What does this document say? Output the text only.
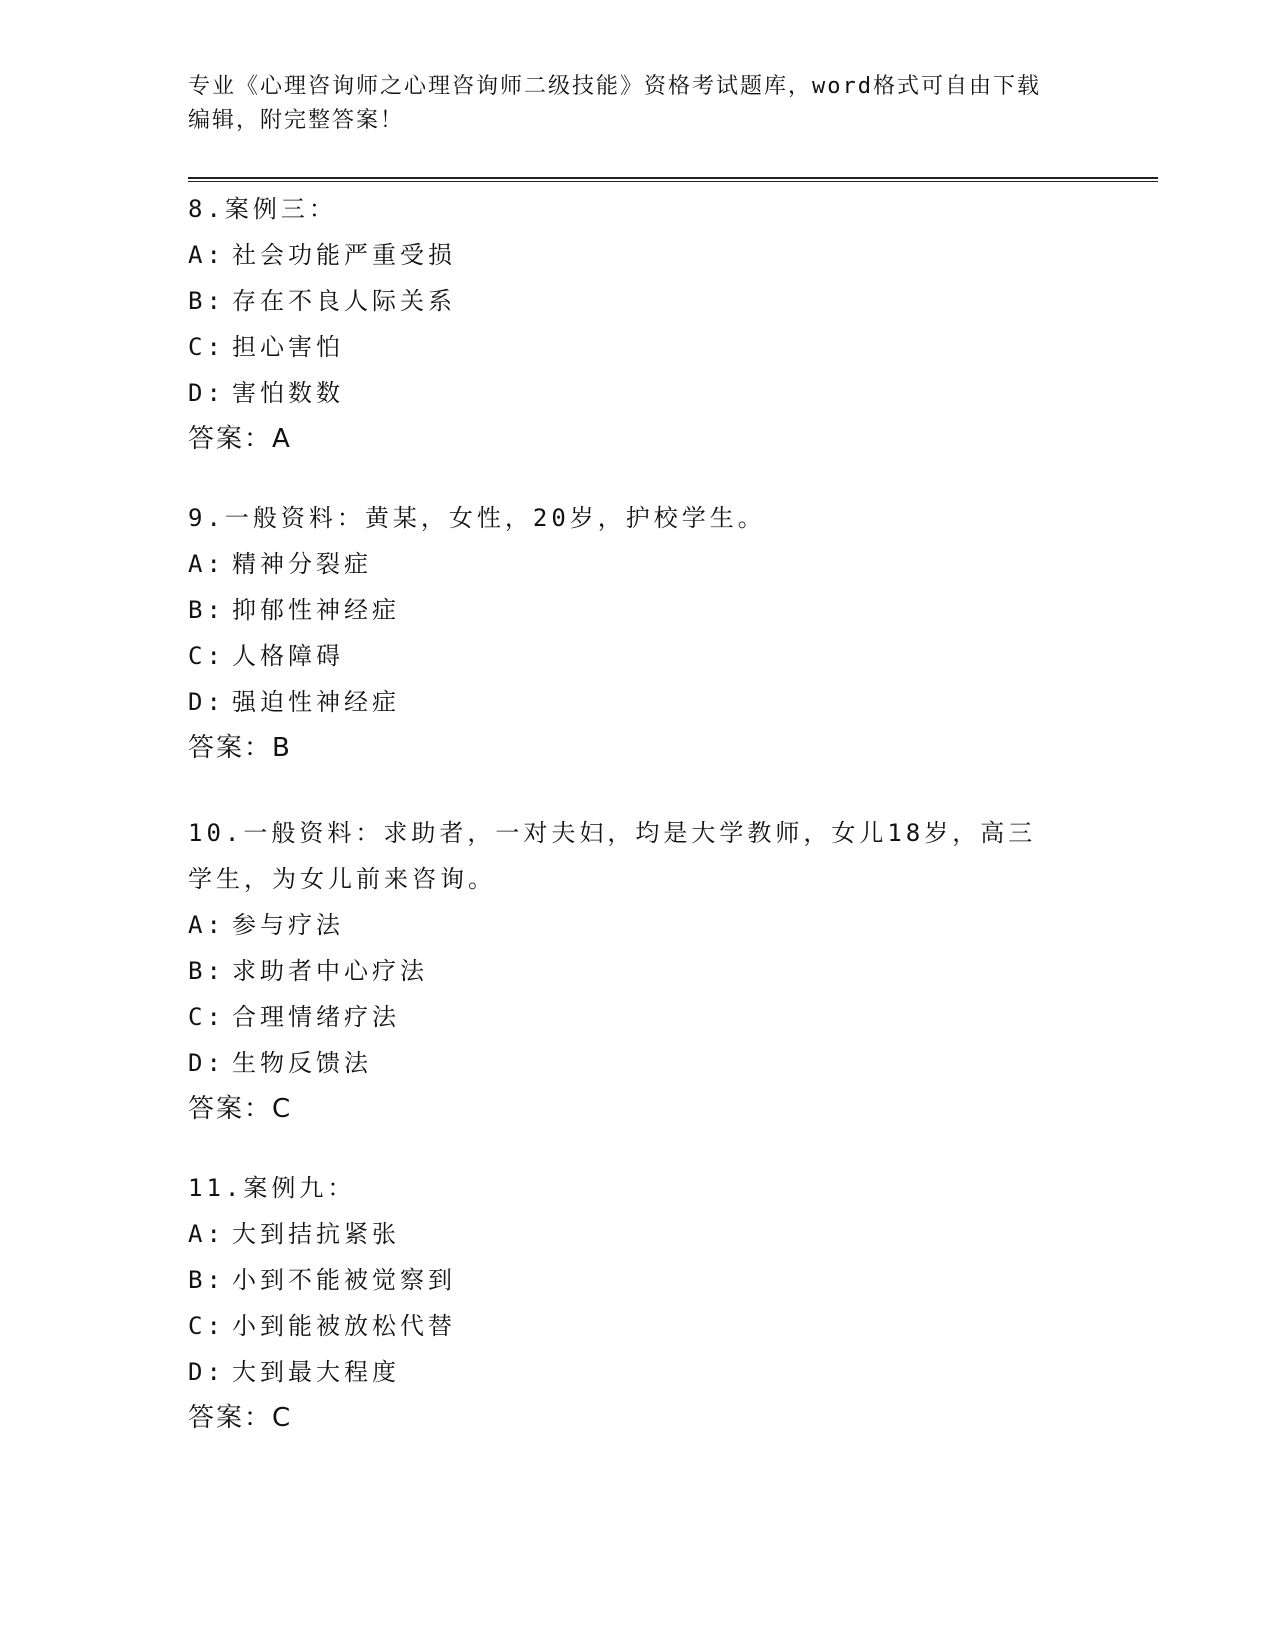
专业《心理咨询师之心理咨询师二级技能》资格考试题库，word格式可自由下载
编辑，附完整答案！
8.案例三：
A: 社会功能严重受损
B: 存在不良人际关系
C: 担心害怕
D: 害怕数数
答案：A
9.一般资料：黄某，女性，20岁，护校学生。
A: 精神分裂症
B: 抑郁性神经症
C: 人格障碍
D: 强迫性神经症
答案：B
10.一般资料：求助者，一对夫妇，均是大学教师，女儿18岁，高三学生，为女儿前来咨询。
A: 参与疗法
B: 求助者中心疗法
C: 合理情绪疗法
D: 生物反馈法
答案：C
11.案例九：
A: 大到拮抗紧张
B: 小到不能被觉察到
C: 小到能被放松代替
D: 大到最大程度
答案：C
